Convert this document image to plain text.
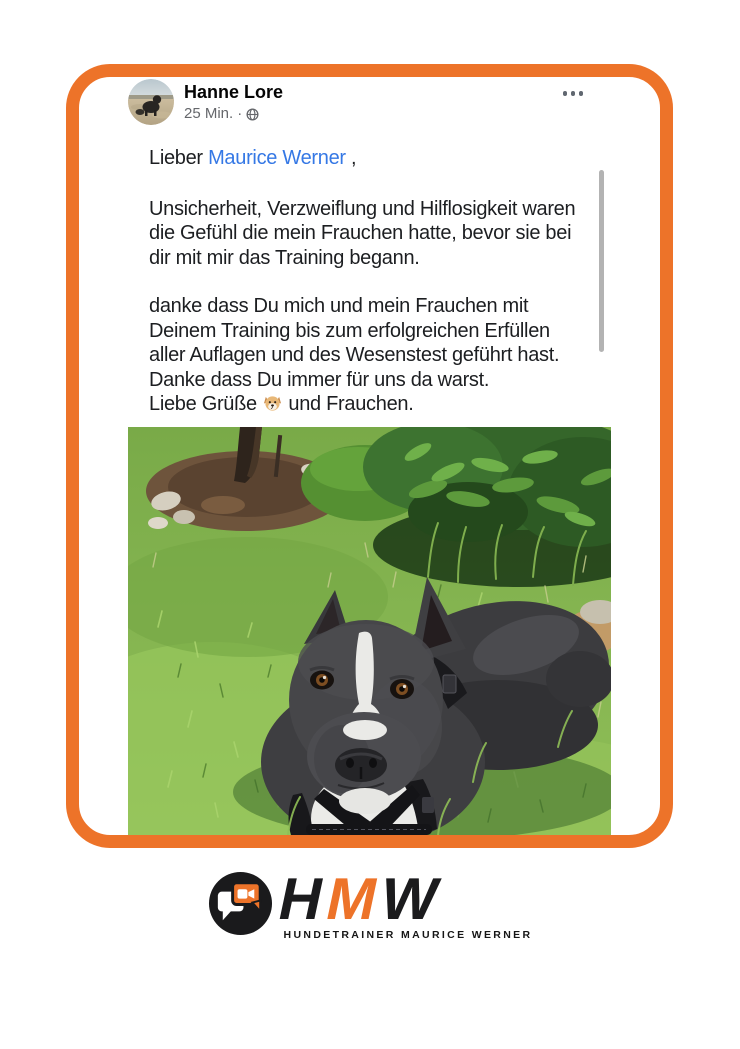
Hanne Lore
25 Min. ·
Lieber Maurice Werner ,
Unsicherheit, Verzweiflung und Hilflosigkeit waren
die Gefühl die mein Frauchen hatte, bevor sie bei
dir mit mir das Training begann.
danke dass Du mich und mein Frauchen mit
Deinem Training bis zum erfolgreichen Erfüllen
aller Auflagen und des Wesenstest geführt hast.
Danke dass Du immer für uns da warst.
Liebe Grüße  und Frauchen.
HMW
HUNDETRAINER MAURICE WERNER
